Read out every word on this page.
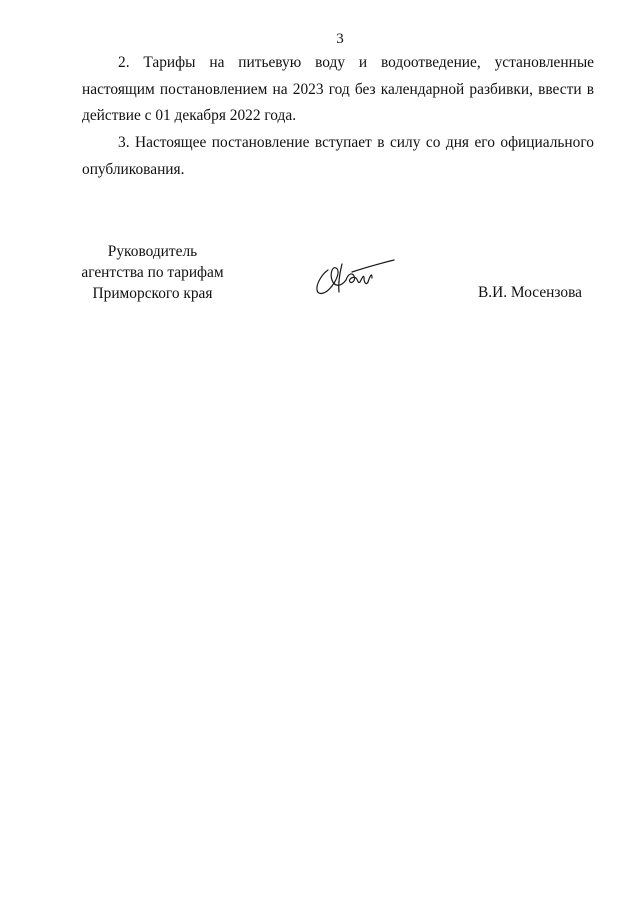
3

2. Тарифы на питьевую воду и водоотведение, установленные настоящим постановлением на 2023 год без календарной разбивки, ввести в действие с 01 декабря 2022 года.

3. Настоящее постановление вступает в силу со дня его официального опубликования.

Руководитель
агентства по тарифам
Приморского края	В.И. Мосензова
